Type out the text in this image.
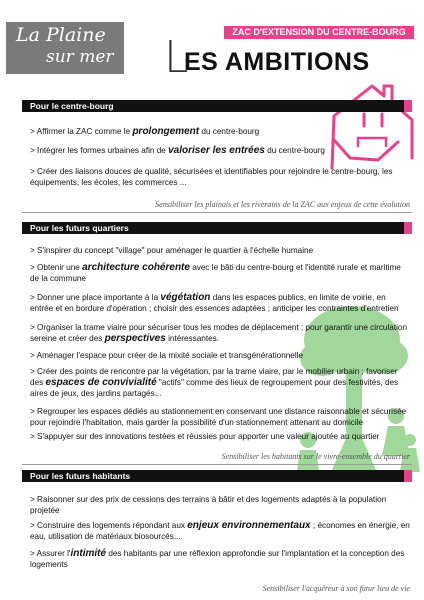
La Plaine
sur mer
ZAC D'EXTENSION DU CENTRE-BOURG
L
ES AMBITIONS
Pour le centre-bourg
> Affirmer la ZAC comme le prolongement du centre-bourg
> Intégrer les formes urbaines afin de valoriser les entrées du centre-bourg
> Créer des liaisons douces de qualité, sécurisées et identifiables pour rejoindre le centre-bourg, les équipements, les écoles, les commerces ...
Sensibiliser les plainais et les riverains de la ZAC aux enjeux de cette évolution
Pour les futurs quartiers
> S'inspirer du concept "village" pour aménager le quartier à l'échelle humaine
> Obtenir une architecture cohérente avec le bâti du centre-bourg et l'identité rurale et maritime de la commune
> Donner une place importante à la végétation dans les espaces publics, en limite de voirie, en entrée et en bordure d'opération ; choisir des essences adaptées ; anticiper les contraintes d'entretien
> Organiser la trame viaire pour sécuriser tous les modes de déplacement ; pour garantir une circulation sereine et créer des perspectives intéressantes.
> Aménager l'espace pour créer de la mixité sociale et transgénérationnelle
> Créer des points de rencontre par la végétation, par la trame viaire, par le mobilier urbain ; favoriser des espaces de convivialité "actifs" comme des lieux de regroupement pour des festivités, des aires de jeux, des jardins partagés...
> Regrouper les espaces dédiés au stationnement en conservant une distance raisonnable et sécurisée pour rejoindre l'habitation, mais garder la possibilité d'un stationnement attenant au domicile
> S'appuyer sur des innovations testées et réussies pour apporter une valeur ajoutée au quartier
Sensibiliser les habitants sur le vivre-ensemble du quartier
Pour les futurs habitants
> Raisonner sur des prix de cessions des terrains à bâtir et des logements adaptés à la population projetée
> Construire des logements répondant aux enjeux environnementaux ; économes en énergie, en eau, utilisation de matériaux biosourcés...
> Assurer l'intimité des habitants par une réflexion approfondie sur l'implantation et la conception des logements
Sensibiliser l'acquéreur à son futur lieu de vie
